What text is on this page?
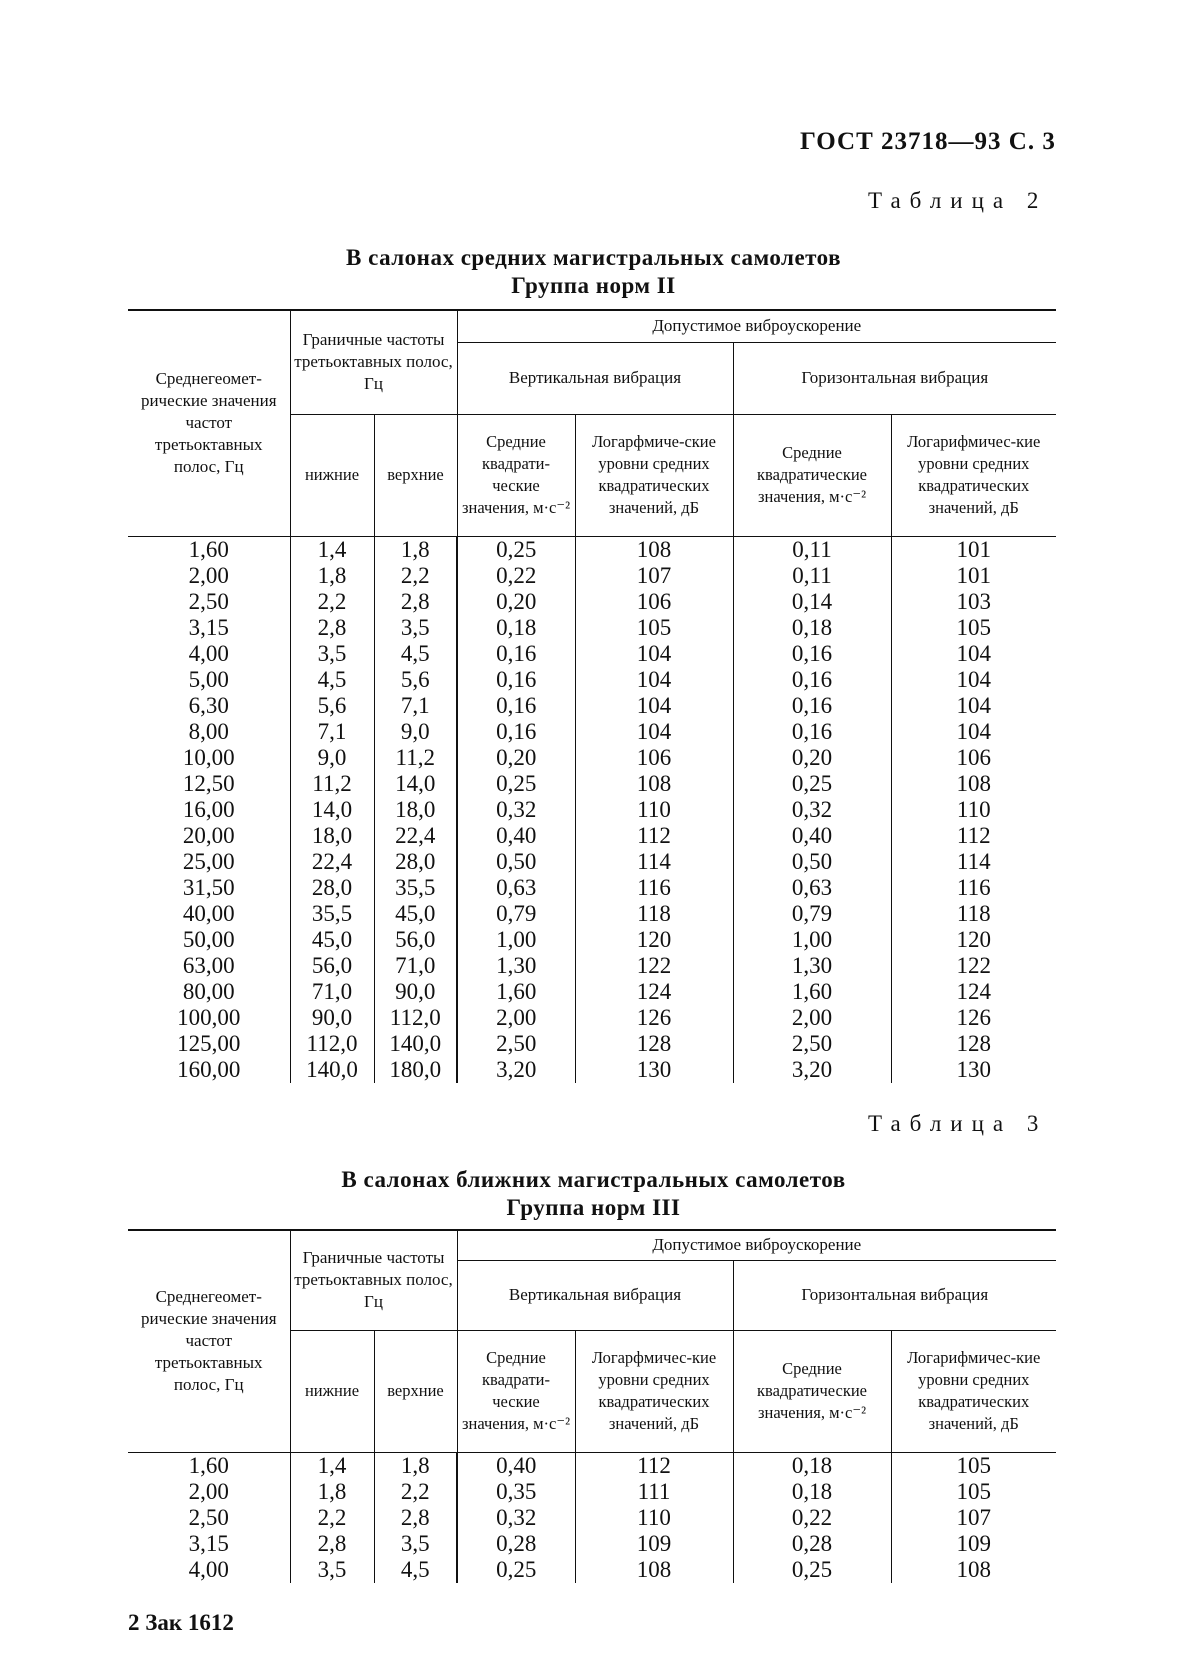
ГОСТ 23718—93 С. 3
Таблица 2
В салонах средних магистральных самолетов
Группа норм II
Среднегеомет-рические значения частот третьоктавных полос, Гц	Граничные частоты третьоктавных полос, Гц		Допустимое виброускорение			
			Вертикальная вибрация		Горизонтальная вибрация	
	нижние	верхние	Средние квадрати-ческие значения, м·с⁻²	Логарфмиче-ские уровни средних квадратических значений, дБ	Средние квадратические значения, м·с⁻²	Логарифмичес-кие уровни средних квадратических значений, дБ
1,60	1,4	1,8	0,25	108	0,11	101
2,00	1,8	2,2	0,22	107	0,11	101
2,50	2,2	2,8	0,20	106	0,14	103
3,15	2,8	3,5	0,18	105	0,18	105
4,00	3,5	4,5	0,16	104	0,16	104
5,00	4,5	5,6	0,16	104	0,16	104
6,30	5,6	7,1	0,16	104	0,16	104
8,00	7,1	9,0	0,16	104	0,16	104
10,00	9,0	11,2	0,20	106	0,20	106
12,50	11,2	14,0	0,25	108	0,25	108
16,00	14,0	18,0	0,32	110	0,32	110
20,00	18,0	22,4	0,40	112	0,40	112
25,00	22,4	28,0	0,50	114	0,50	114
31,50	28,0	35,5	0,63	116	0,63	116
40,00	35,5	45,0	0,79	118	0,79	118
50,00	45,0	56,0	1,00	120	1,00	120
63,00	56,0	71,0	1,30	122	1,30	122
80,00	71,0	90,0	1,60	124	1,60	124
100,00	90,0	112,0	2,00	126	2,00	126
125,00	112,0	140,0	2,50	128	2,50	128
160,00	140,0	180,0	3,20	130	3,20	130
Таблица 3
В салонах ближних магистральных самолетов
Группа норм III
Среднегеомет-рические значения частот третьоктавных полос, Гц	Граничные частоты третьоктавных полос, Гц		Допустимое виброускорение			
			Вертикальная вибрация		Горизонтальная вибрация	
	нижние	верхние	Средние квадрати-ческие значения, м·с⁻²	Логарфмичес-кие уровни средних квадратических значений, дБ	Средние квадратические значения, м·с⁻²	Логарифмичес-кие уровни средних квадратических значений, дБ
1,60	1,4	1,8	0,40	112	0,18	105
2,00	1,8	2,2	0,35	111	0,18	105
2,50	2,2	2,8	0,32	110	0,22	107
3,15	2,8	3,5	0,28	109	0,28	109
4,00	3,5	4,5	0,25	108	0,25	108
2 Зак 1612
